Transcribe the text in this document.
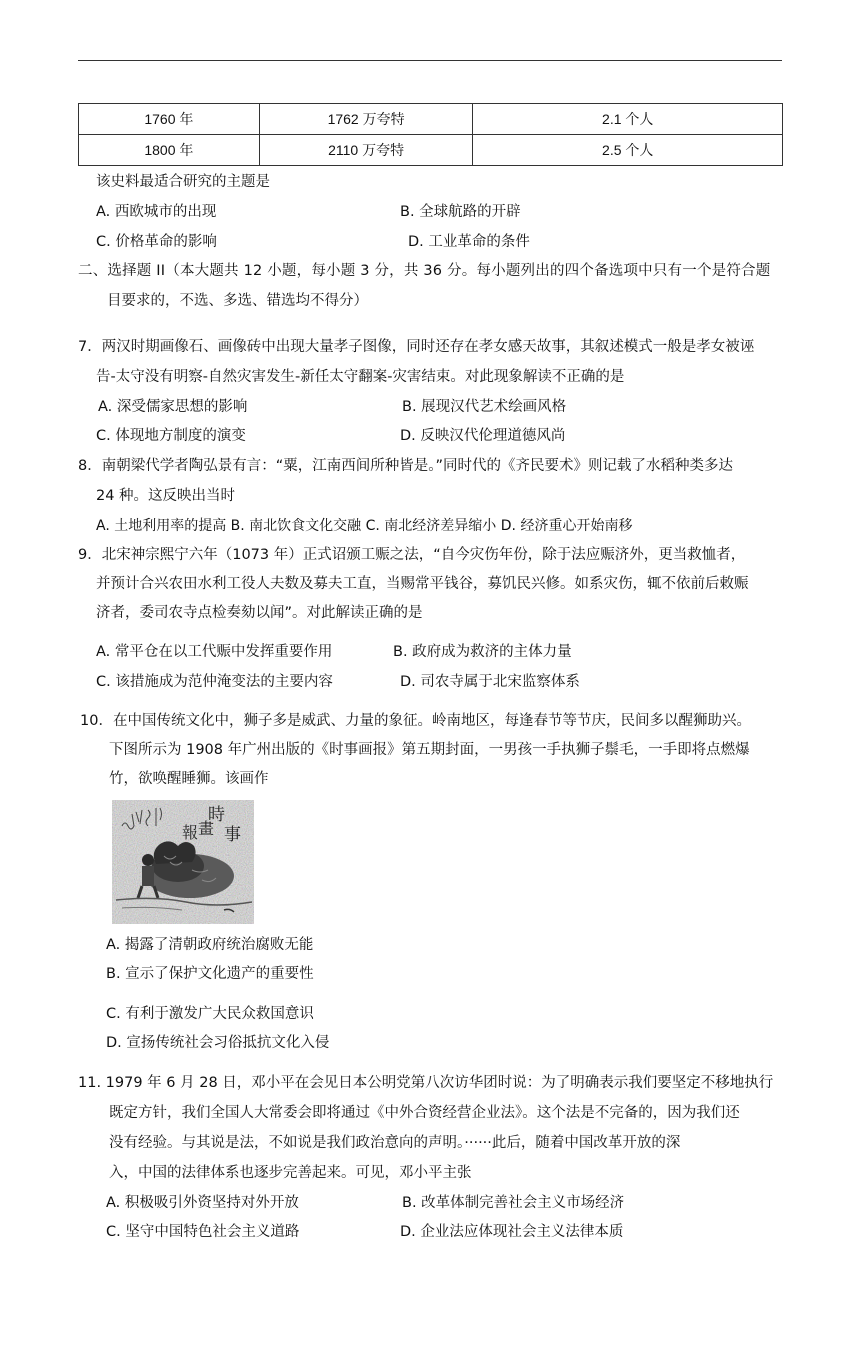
1760 年	1762 万夸特	2.1 个人
1800 年	2110 万夸特	2.5 个人
该史料最适合研究的主题是
A. 西欧城市的出现	B. 全球航路的开辟
C. 价格革命的影响	D. 工业革命的条件
二、选择题 II（本大题共 12 小题，每小题 3 分，共 36 分。每小题列出的四个备选项中只有一个是符合题
目要求的，不选、多选、错选均不得分）
7．两汉时期画像石、画像砖中出现大量孝子图像，同时还存在孝女感天故事，其叙述模式一般是孝女被诬
告-太守没有明察-自然灾害发生-新任太守翻案-灾害结束。对此现象解读不正确的是
A. 深受儒家思想的影响	B. 展现汉代艺术绘画风格
C. 体现地方制度的演变	D. 反映汉代伦理道德风尚
8．南朝梁代学者陶弘景有言：“粟，江南西间所种皆是。”同时代的《齐民要术》则记载了水稻种类多达
24 种。这反映出当时
A. 土地利用率的提高 B. 南北饮食文化交融 C. 南北经济差异缩小 D. 经济重心开始南移
9．北宋神宗熙宁六年（1073 年）正式诏颁工赈之法，“自今灾伤年份，除于法应赈济外，更当救恤者，
并预计合兴农田水利工役人夫数及募夫工直，当赐常平钱谷，募饥民兴修。如系灾伤，辄不依前后敕赈
济者，委司农寺点检奏劾以闻”。对此解读正确的是
A. 常平仓在以工代赈中发挥重要作用	B. 政府成为救济的主体力量
C. 该措施成为范仲淹变法的主要内容	D. 司农寺属于北宋监察体系
10．在中国传统文化中，狮子多是威武、力量的象征。岭南地区，每逢春节等节庆，民间多以醒狮助兴。
下图所示为 1908 年广州出版的《时事画报》第五期封面，一男孩一手执狮子鬃毛，一手即将点燃爆
竹，欲唤醒睡狮。该画作
時
事
畫
報
A. 揭露了清朝政府统治腐败无能
B. 宣示了保护文化遗产的重要性
C. 有利于激发广大民众救国意识
D. 宣扬传统社会习俗抵抗文化入侵
11. 1979 年 6 月 28 日，邓小平在会见日本公明党第八次访华团时说：为了明确表示我们要坚定不移地执行
既定方针，我们全国人大常委会即将通过《中外合资经营企业法》。这个法是不完备的，因为我们还
没有经验。与其说是法，不如说是我们政治意向的声明。······此后，随着中国改革开放的深
入，中国的法律体系也逐步完善起来。可见，邓小平主张
A. 积极吸引外资坚持对外开放	B. 改革体制完善社会主义市场经济
C. 坚守中国特色社会主义道路	D. 企业法应体现社会主义法律本质
